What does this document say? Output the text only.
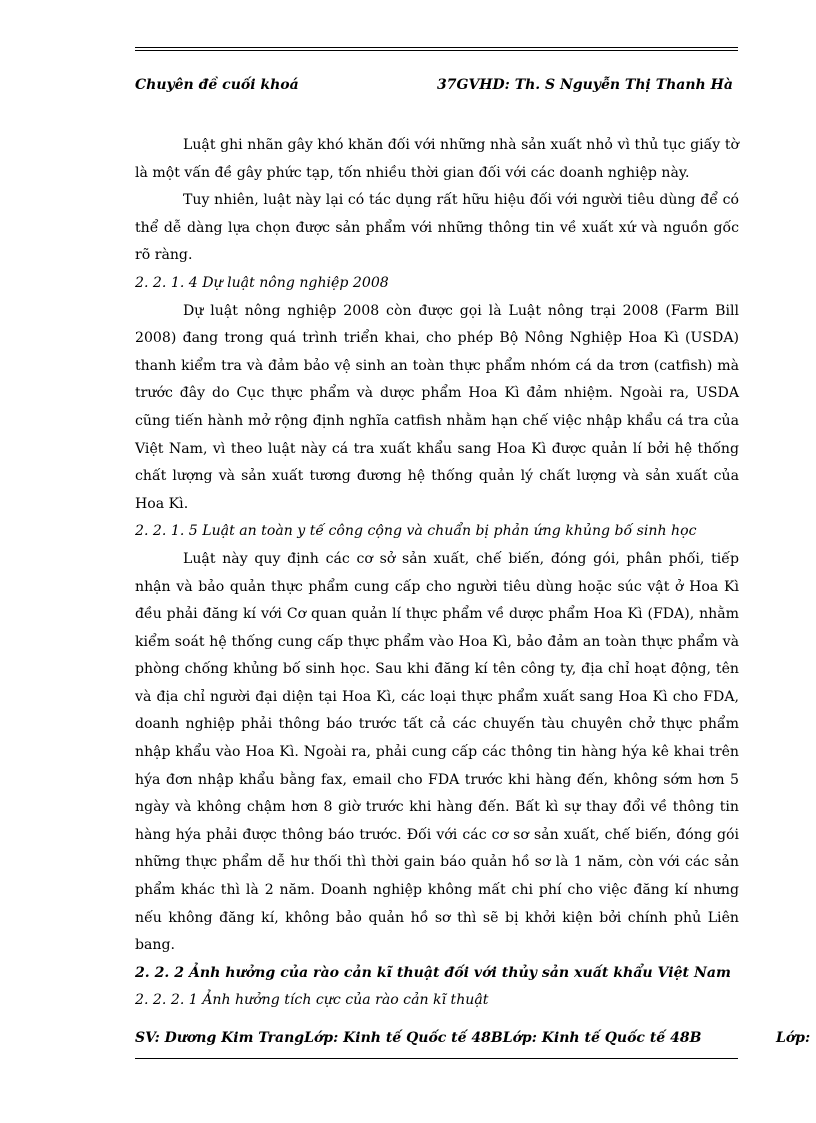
Chuyên đề cuối khoá	37GVHD: Th. S Nguyễn Thị Thanh Hà

Luật ghi nhãn gây khó khăn đối với những nhà sản xuất nhỏ vì thủ tục giấy tờ là một vấn đề gây phức tạp, tốn nhiều thời gian đối với các doanh nghiệp này.

Tuy nhiên, luật này lại có tác dụng rất hữu hiệu đối với người tiêu dùng để có thể dễ dàng lựa chọn được sản phẩm với những thông tin về xuất xứ và nguồn gốc rõ ràng.

2. 2. 1. 4 Dự luật nông nghiệp 2008

Dự luật nông nghiệp 2008 còn được gọi là Luật nông trại 2008 (Farm Bill 2008) đang trong quá trình triển khai, cho phép Bộ Nông Nghiệp Hoa Kì (USDA) thanh kiểm tra và đảm bảo vệ sinh an toàn thực phẩm nhóm cá da trơn (catfish) mà trước đây do Cục thực phẩm và dược phẩm Hoa Kì đảm nhiệm. Ngoài ra, USDA cũng tiến hành mở rộng định nghĩa catfish nhằm hạn chế việc nhập khẩu cá tra của Việt Nam, vì theo luật này cá tra xuất khẩu sang Hoa Kì được quản lí bởi hệ thống chất lượng và sản xuất tương đương hệ thống quản lý chất lượng và sản xuất của Hoa Kì.

2. 2. 1. 5 Luật an toàn y tế công cộng và chuẩn bị phản ứng khủng bố sinh học

Luật này quy định các cơ sở sản xuất, chế biến, đóng gói, phân phối, tiếp nhận và bảo quản thực phẩm cung cấp cho người tiêu dùng hoặc súc vật ở Hoa Kì đều phải đăng kí với Cơ quan quản lí thực phẩm về dược phẩm Hoa Kì (FDA), nhằm kiểm soát hệ thống cung cấp thực phẩm vào Hoa Kì, bảo đảm an toàn thực phẩm và phòng chống khủng bố sinh học. Sau khi đăng kí tên công ty, địa chỉ hoạt động, tên và địa chỉ người đại diện tại Hoa Kì, các loại thực phẩm xuất sang Hoa Kì cho FDA, doanh nghiệp phải thông báo trước tất cả các chuyến tàu chuyên chở thực phẩm nhập khẩu vào Hoa Kì. Ngoài ra, phải cung cấp các thông tin hàng hýa kê khai trên hýa đơn nhập khẩu bằng fax, email cho FDA trước khi hàng đến, không sớm hơn 5 ngày và không chậm hơn 8 giờ trước khi hàng đến. Bất kì sự thay đổi về thông tin hàng hýa phải được thông báo trước. Đối với các cơ sơ sản xuất, chế biến, đóng gói những thực phẩm dễ hư thối thì thời gain báo quản hồ sơ là 1 năm, còn với các sản phẩm khác thì là 2 năm. Doanh nghiệp không mất chi phí cho việc đăng kí nhưng nếu không đăng kí, không bảo quản hồ sơ thì sẽ bị khởi kiện bởi chính phủ Liên bang.

2. 2. 2 Ảnh hưởng của rào cản kĩ thuật đối với thủy sản xuất khẩu Việt Nam
2. 2. 2. 1 Ảnh hưởng tích cực của rào cản kĩ thuật
SV: Dương Kim TrangLớp: Kinh tế Quốc tế 48BLớp: Kinh tế Quốc tế 48B	Lớp:
